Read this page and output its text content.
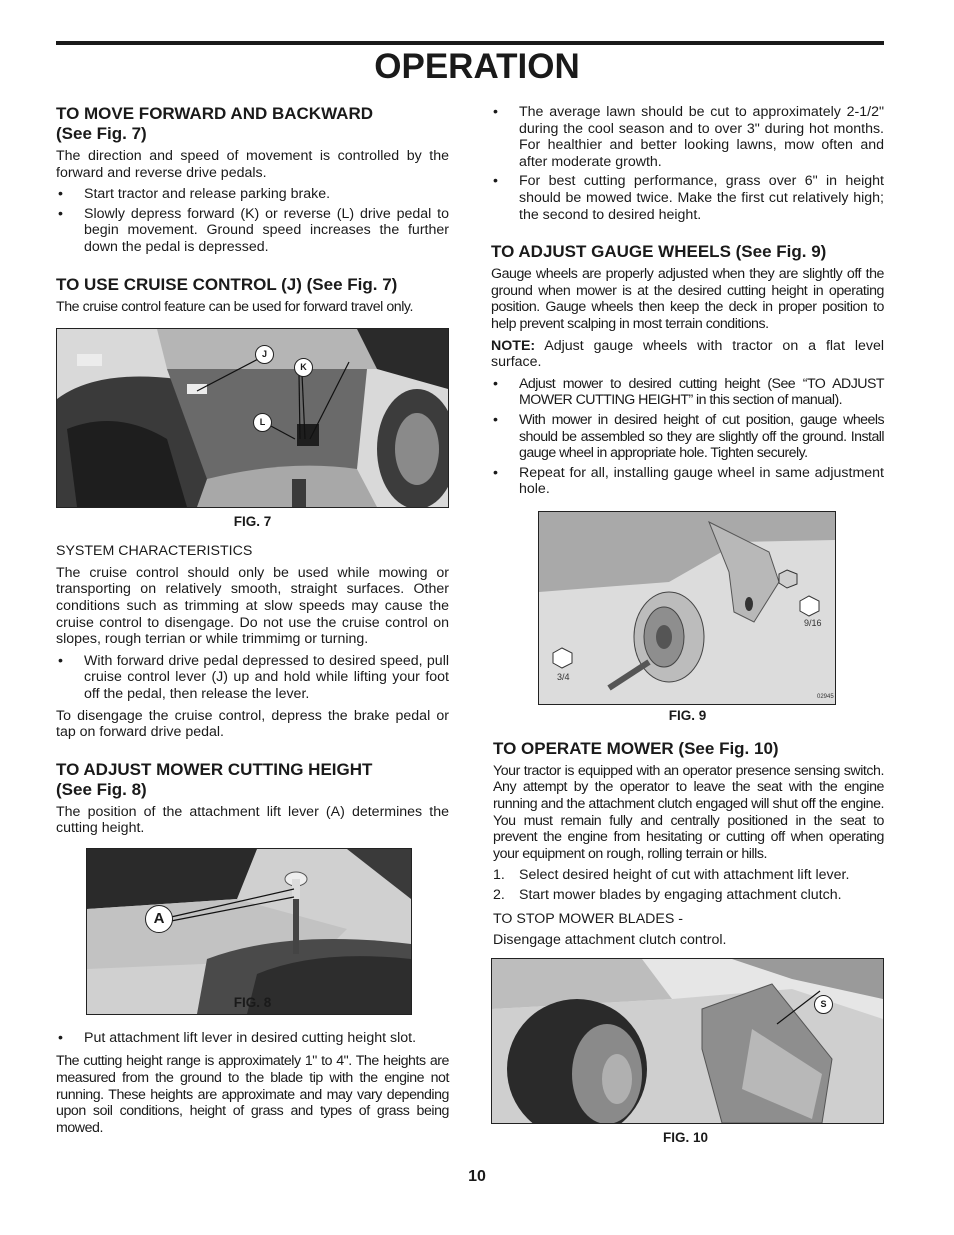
OPERATION
TO MOVE FORWARD AND BACKWARD
(See Fig. 7)

The direction and speed of movement is controlled by the forward and reverse drive pedals.

• Start tractor and release parking brake.
• Slowly depress forward (K) or reverse (L) drive pedal to begin movement. Ground speed increases the further down the pedal is depressed.
TO USE CRUISE CONTROL (J) (See Fig. 7)

The cruise control feature can be used for forward travel only.

J
K
L
FIG. 7

SYSTEM CHARACTERISTICS

The cruise control should only be used while mowing or transporting on relatively smooth, straight surfaces. Other conditions such as trimming at slow speeds may cause the cruise control to disengage. Do not use the cruise control on slopes, rough terrian or while trimmimg or turning.

• With forward drive pedal depressed to desired speed, pull cruise control lever (J) up and hold while lifting your foot off the pedal, then release the lever.

To disengage the cruise control, depress the brake pedal or tap on forward drive pedal.

TO ADJUST MOWER CUTTING HEIGHT
(See Fig. 8)

The position of the attachment lift lever (A) determines the cutting height.

A
FIG. 8
• Put attachment lift lever in desired cutting height slot.

The cutting height range is approximately 1" to 4". The heights are measured from the ground to the blade tip with the engine not running. These heights are approximate and may vary depending upon soil conditions, height of grass and types of grass being mowed.

• The average lawn should be cut to approximately 2-1/2" during the cool season and to over 3" during hot months. For healthier and better looking lawns, mow often and after moderate growth.
• For best cutting performance, grass over 6" in height should be mowed twice. Make the first cut relatively high; the second to desired height.
TO ADJUST GAUGE WHEELS (See Fig. 9)

Gauge wheels are properly adjusted when they are slightly off the ground when mower is at the desired cutting height in operating position. Gauge wheels then keep the deck in proper position to help prevent scalping in most terrain conditions.

NOTE: Adjust gauge wheels with tractor on a flat level surface.

• Adjust mower to desired cutting height (See “TO ADJUST MOWER CUTTING HEIGHT” in this section of manual).
• With mower in desired height of cut position, gauge wheels should be assembled so they are slightly off the ground. Install gauge wheel in appropriate hole. Tighten securely.
• Repeat for all, installing gauge wheel in same adjustment hole.
9/16
3/4
02945
FIG. 9
TO OPERATE MOWER (See Fig. 10)

Your tractor is equipped with an operator presence sensing switch. Any attempt by the operator to leave the seat with the engine running and the attachment clutch engaged will shut off the engine. You must remain fully and centrally positioned in the seat to prevent the engine from hesitating or cutting off when operating your equipment on rough, rolling terrain or hills.

1. Select desired height of cut with attachment lift lever.
2. Start mower blades by engaging attachment clutch.

TO STOP MOWER BLADES -

Disengage attachment clutch control.

S
FIG. 10
10
